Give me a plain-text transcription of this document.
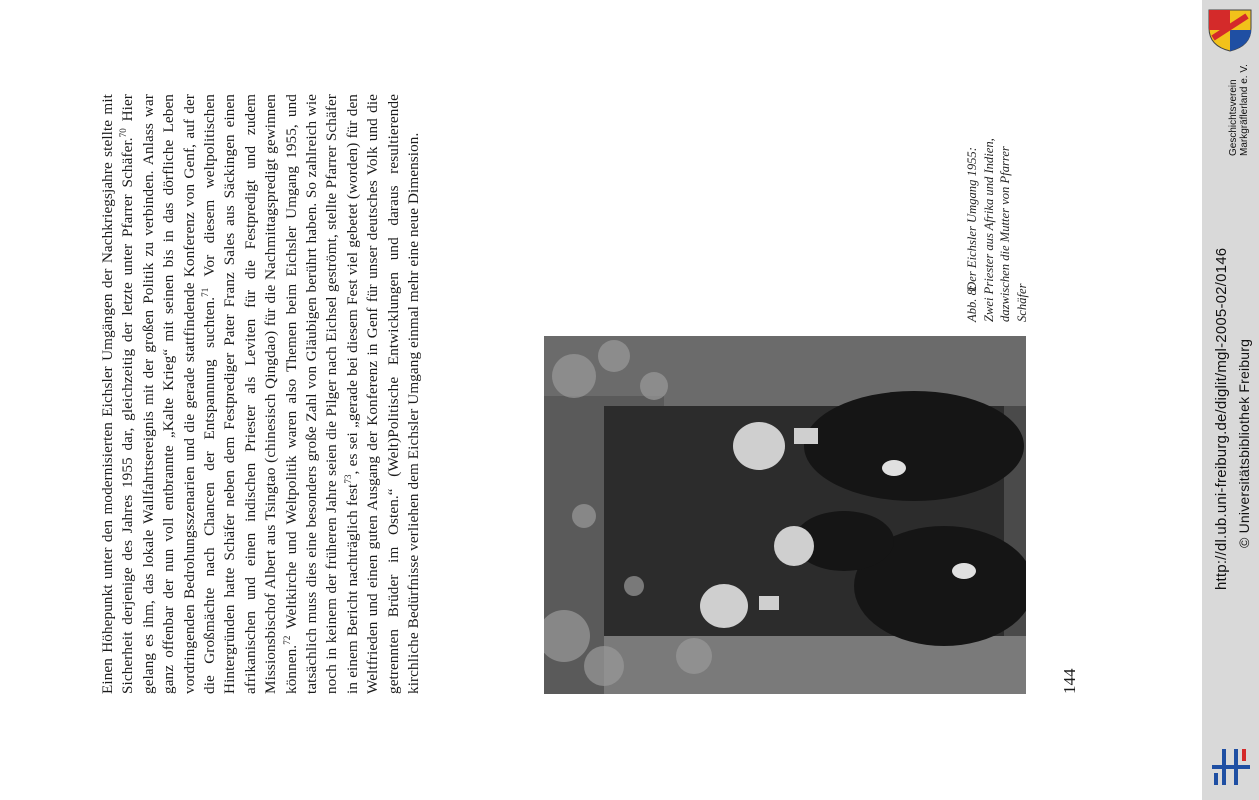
Einen Höhepunkt unter den modernisierten Eichsler Umgängen der Nachkriegsjahre stellte mit Sicherheit derjenige des Jahres 1955 dar, gleichzeitig der letzte unter Pfarrer Schäfer.$^{70}$ Hier gelang es ihm, das lokale Wallfahrtsereignis mit der großen Politik zu verbinden. Anlass war ganz offenbar der nun voll entbrannte „Kalte Krieg“ mit seinen bis in das dörfliche Leben vordringenden Bedrohungsszenarien und die gerade stattfindende Konferenz von Genf, auf der die Großmächte nach Chancen der Entspannung suchten.$^{71}$ Vor diesem weltpolitischen Hintergründen hatte Schäfer neben dem Festprediger Pater Franz Sales aus Säckingen einen afrikanischen und einen indischen Priester als Leviten für die Festpredigt und zudem Missionsbischof Albert aus Tsingtao (chinesisch Qingdao) für die Nachmittagspredigt gewinnen können.$^{72}$ Weltkirche und Weltpolitik waren also Themen beim Eichsler Umgang 1955, und tatsächlich muss dies eine besonders große Zahl von Gläubigen berührt haben. So zahlreich wie noch in keinem der früheren Jahre seien die Pilger nach Eichsel geströmt, stellte Pfarrer Schäfer in einem Bericht nachträglich fest$^{73}$, es sei „gerade bei diesem Fest viel gebetet (worden) für den Weltfrieden und einen guten Ausgang der Konferenz in Genf für unser deutsches Volk und die getrennten Brüder im Osten.“ (Welt)Politische Entwicklungen und daraus resultierende kirchliche Bedürfnisse verliehen dem Eichsler Umgang einmal mehr eine neue Dimension.	Abb. 8: Der Eichsler Umgang 1955: Zwei Priester aus Afrika und Indien, dazwischen die Mutter von Pfarrer Schäfer
144
http://dl.ub.uni-freiburg.de/diglit/mgl-2005-02/0146 © Universitätsbibliothek Freiburg
Geschichtsverein Markgräflerland e. V.
